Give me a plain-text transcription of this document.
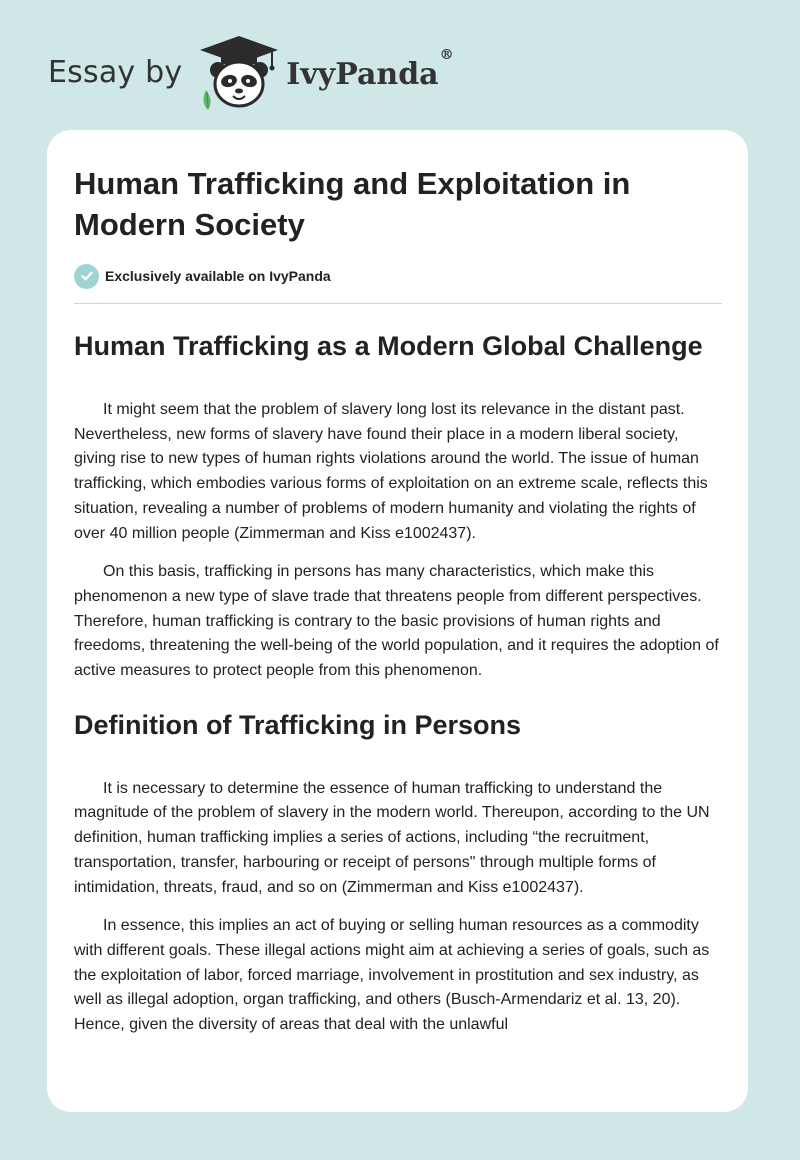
Essay by	IvyPanda®
Human Trafficking and Exploitation in Modern Society
Exclusively available on IvyPanda
Human Trafficking as a Modern Global Challenge

It might seem that the problem of slavery long lost its relevance in the distant past. Nevertheless, new forms of slavery have found their place in a modern liberal society, giving rise to new types of human rights violations around the world. The issue of human trafficking, which embodies various forms of exploitation on an extreme scale, reflects this situation, revealing a number of problems of modern humanity and violating the rights of over 40 million people (Zimmerman and Kiss e1002437).

On this basis, trafficking in persons has many characteristics, which make this phenomenon a new type of slave trade that threatens people from different perspectives. Therefore, human trafficking is contrary to the basic provisions of human rights and freedoms, threatening the well-being of the world population, and it requires the adoption of active measures to protect people from this phenomenon.

Definition of Trafficking in Persons

It is necessary to determine the essence of human trafficking to understand the magnitude of the problem of slavery in the modern world. Thereupon, according to the UN definition, human trafficking implies a series of actions, including “the recruitment, transportation, transfer, harbouring or receipt of persons" through multiple forms of intimidation, threats, fraud, and so on (Zimmerman and Kiss e1002437).

In essence, this implies an act of buying or selling human resources as a commodity with different goals. These illegal actions might aim at achieving a series of goals, such as the exploitation of labor, forced marriage, involvement in prostitution and sex industry, as well as illegal adoption, organ trafficking, and others (Busch-Armendariz et al. 13, 20). Hence, given the diversity of areas that deal with the unlawful
